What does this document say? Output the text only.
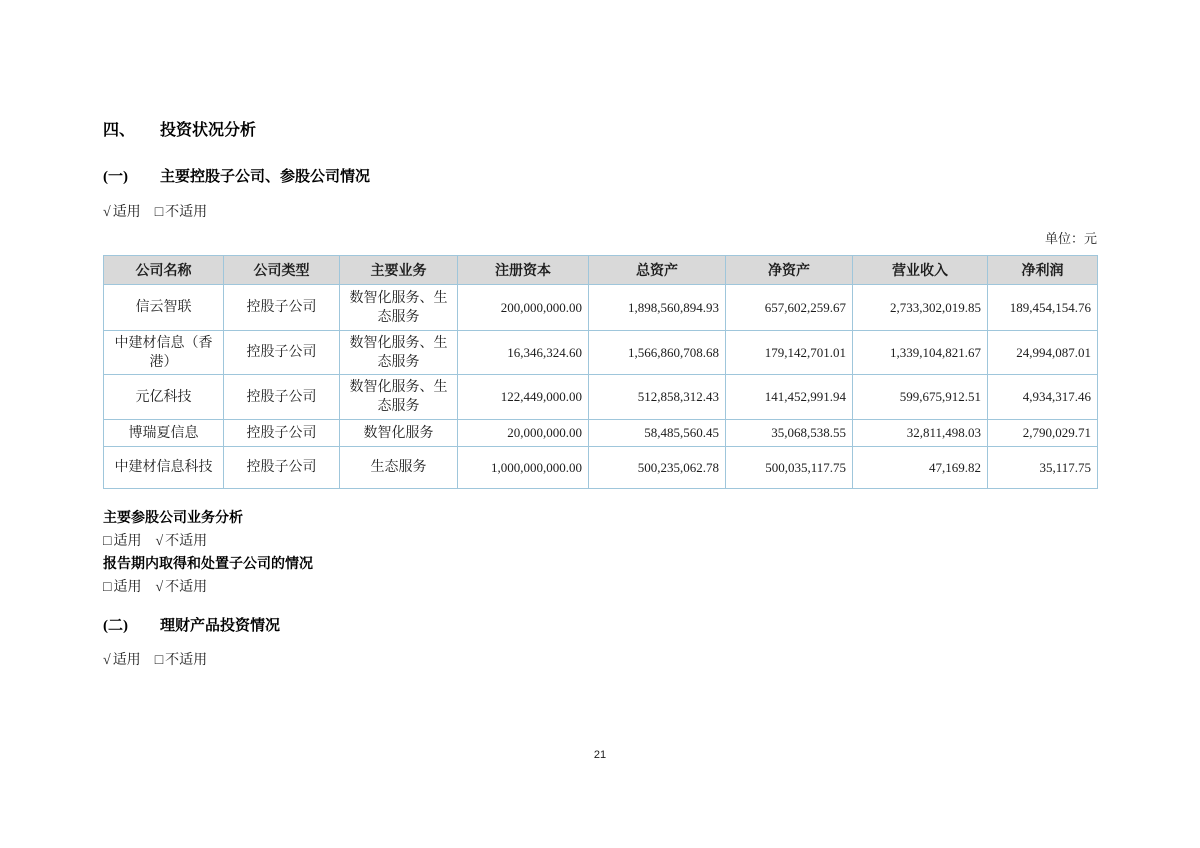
四、 投资状况分析
(一) 主要控股子公司、参股公司情况
√ 适用 □ 不适用
单位：元
公司名称	公司类型	主要业务	注册资本	总资产	净资产	营业收入	净利润
信云智联	控股子公司	数智化服务、生态服务	200,000,000.00	1,898,560,894.93	657,602,259.67	2,733,302,019.85	189,454,154.76
中建材信息（香港）	控股子公司	数智化服务、生态服务	16,346,324.60	1,566,860,708.68	179,142,701.01	1,339,104,821.67	24,994,087.01
元亿科技	控股子公司	数智化服务、生态服务	122,449,000.00	512,858,312.43	141,452,991.94	599,675,912.51	4,934,317.46
博瑞夏信息	控股子公司	数智化服务	20,000,000.00	58,485,560.45	35,068,538.55	32,811,498.03	2,790,029.71
中建材信息科技	控股子公司	生态服务	1,000,000,000.00	500,235,062.78	500,035,117.75	47,169.82	35,117.75
主要参股公司业务分析
□ 适用 √ 不适用
报告期内取得和处置子公司的情况
□ 适用 √ 不适用
(二) 理财产品投资情况
√ 适用 □ 不适用
21
